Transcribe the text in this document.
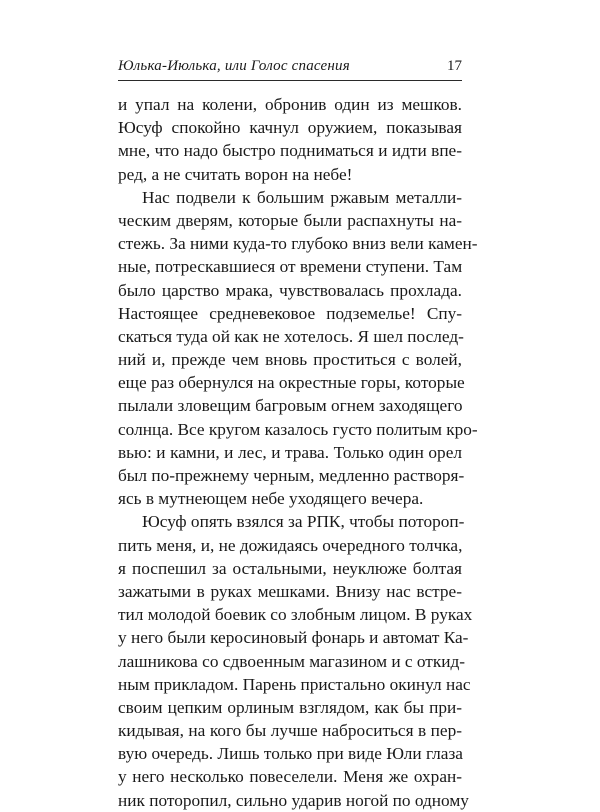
Юлька-Июлька, или Голос спасения	17
и упал на колени, обронив один из мешков.
Юсуф спокойно качнул оружием, показывая
мне, что надо быстро подниматься и идти впе-
ред, а не считать ворон на небе!
Нас подвели к большим ржавым металли-
ческим дверям, которые были распахнуты на-
стежь. За ними куда-то глубоко вниз вели камен-
ные, потрескавшиеся от времени ступени. Там
было царство мрака, чувствовалась прохлада.
Настоящее средневековое подземелье! Спу-
скаться туда ой как не хотелось. Я шел послед-
ний и, прежде чем вновь проститься с волей,
еще раз обернулся на окрестные горы, которые
пылали зловещим багровым огнем заходящего
солнца. Все кругом казалось густо политым кро-
вью: и камни, и лес, и трава. Только один орел
был по-прежнему черным, медленно растворя-
ясь в мутнеющем небе уходящего вечера.
Юсуф опять взялся за РПК, чтобы потороп-
пить меня, и, не дожидаясь очередного толчка,
я поспешил за остальными, неуклюже болтая
зажатыми в руках мешками. Внизу нас встре-
тил молодой боевик со злобным лицом. В руках
у него были керосиновый фонарь и автомат Ка-
лашникова со сдвоенным магазином и с откид-
ным прикладом. Парень пристально окинул нас
своим цепким орлиным взглядом, как бы при-
кидывая, на кого бы лучше наброситься в пер-
вую очередь. Лишь только при виде Юли глаза
у него несколько повеселели. Меня же охран-
ник поторопил, сильно ударив ногой по одному
